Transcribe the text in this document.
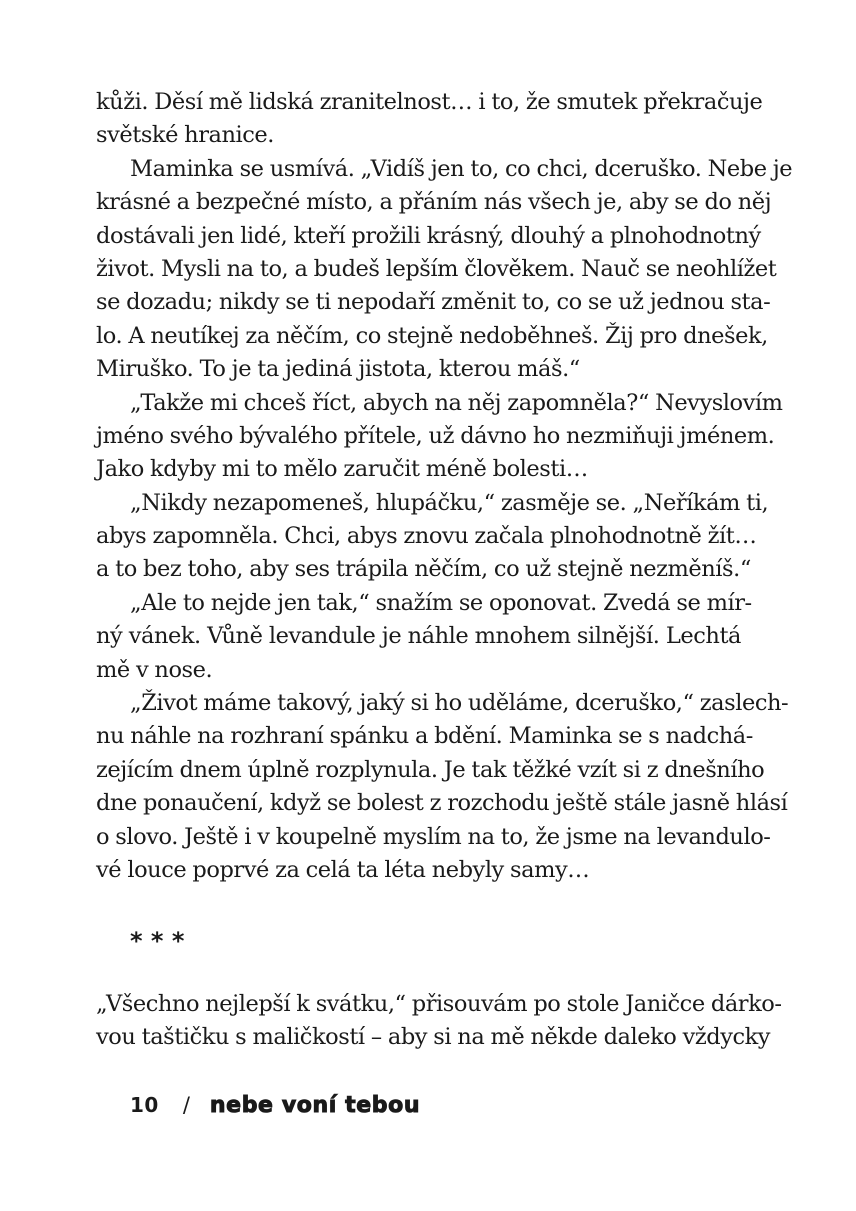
kůži. Děsí mě lidská zranitelnost… i to, že smutek překračuje
světské hranice.
Maminka se usmívá. „Vidíš jen to, co chci, dceruško. Nebe je
krásné a bezpečné místo, a přáním nás všech je, aby se do něj
dostávali jen lidé, kteří prožili krásný, dlouhý a plnohodnotný
život. Mysli na to, a budeš lepším člověkem. Nauč se neohlížet
se dozadu; nikdy se ti nepodaří změnit to, co se už jednou sta-
lo. A neutíkej za něčím, co stejně nedoběhneš. Žij pro dnešek,
Miruško. To je ta jediná jistota, kterou máš.“
„Takže mi chceš říct, abych na něj zapomněla?“ Nevyslovím
jméno svého bývalého přítele, už dávno ho nezmiňuji jménem.
Jako kdyby mi to mělo zaručit méně bolesti…
„Nikdy nezapomeneš, hlupáčku,“ zasměje se. „Neříkám ti,
abys zapomněla. Chci, abys znovu začala plnohodnotně žít…
a to bez toho, aby ses trápila něčím, co už stejně nezměníš.“
„Ale to nejde jen tak,“ snažím se oponovat. Zvedá se mír-
ný vánek. Vůně levandule je náhle mnohem silnější. Lechtá
mě v nose.
„Život máme takový, jaký si ho uděláme, dceruško,“ zaslech-
nu náhle na rozhraní spánku a bdění. Maminka se s nadchá-
zejícím dnem úplně rozplynula. Je tak těžké vzít si z dnešního
dne ponaučení, když se bolest z rozchodu ještě stále jasně hlásí
o slovo. Ještě i v koupelně myslím na to, že jsme na levandulo-
vé louce poprvé za celá ta léta nebyly samy…
* * *
„Všechno nejlepší k svátku,“ přisouvám po stole Janičce dárko-
vou taštičku s maličkostí – aby si na mě někde daleko vždycky
10 / nebe voní tebou
